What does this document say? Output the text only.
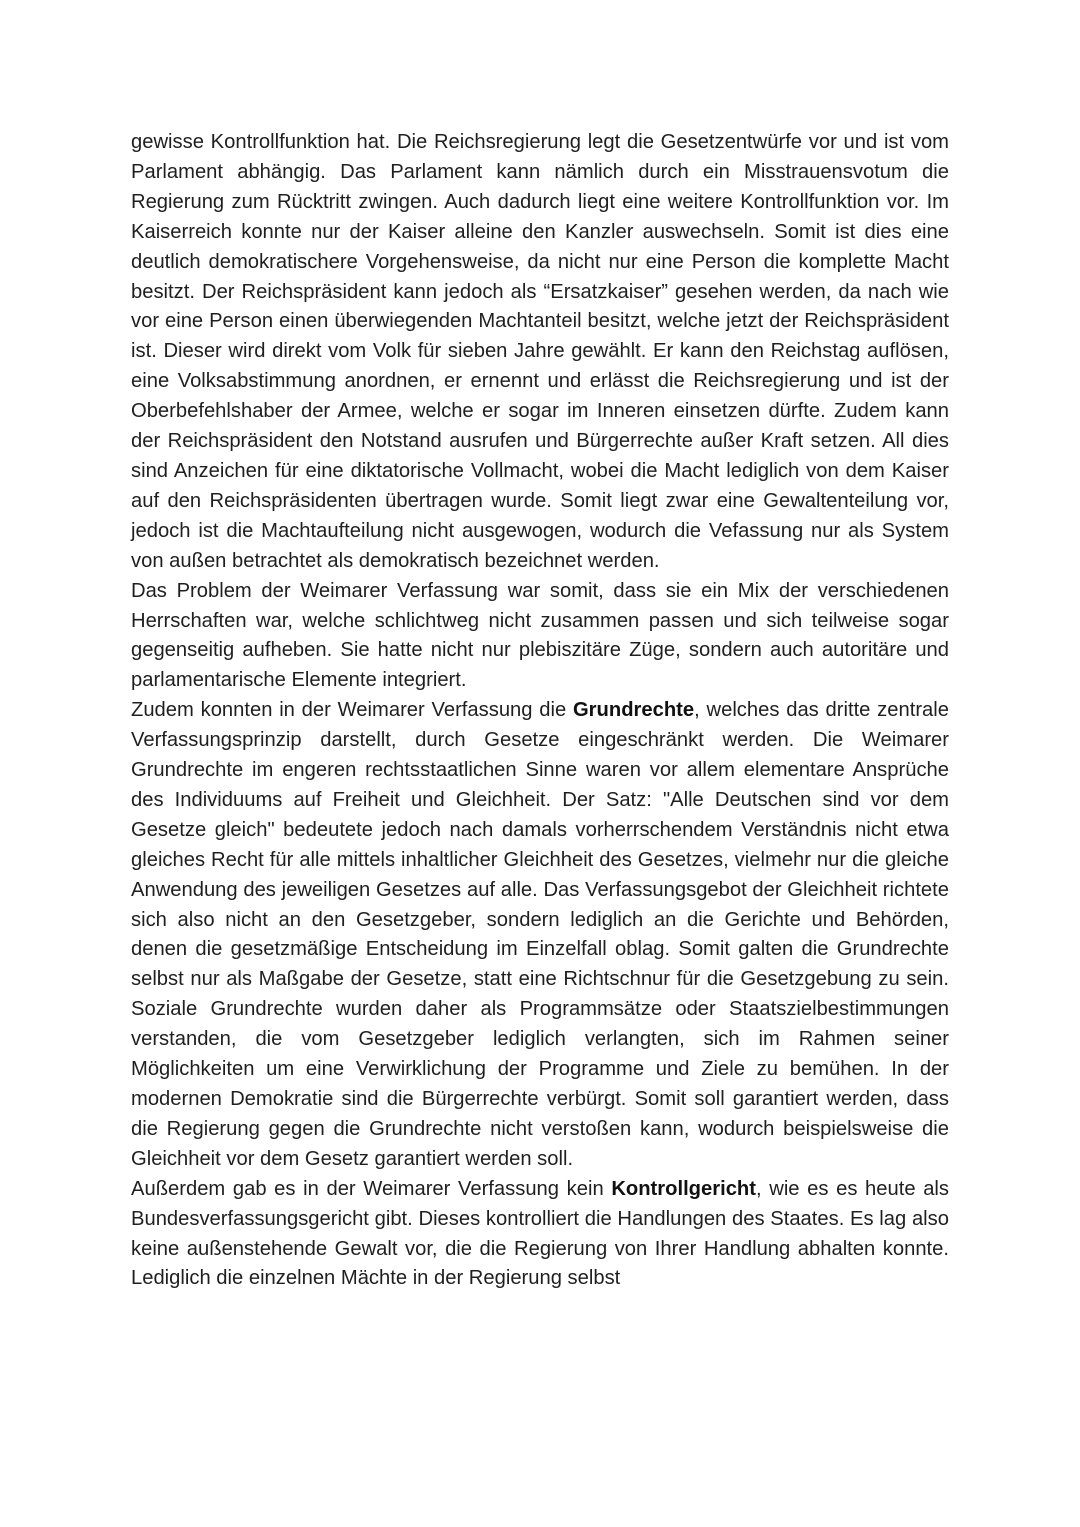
gewisse Kontrollfunktion hat. Die Reichsregierung legt die Gesetzentwürfe vor und ist vom Parlament abhängig. Das Parlament kann nämlich durch ein Misstrauensvotum die Regierung zum Rücktritt zwingen. Auch dadurch liegt eine weitere Kontrollfunktion vor. Im Kaiserreich konnte nur der Kaiser alleine den Kanzler auswechseln. Somit ist dies eine deutlich demokratischere Vorgehensweise, da nicht nur eine Person die komplette Macht besitzt. Der Reichspräsident kann jedoch als “Ersatzkaiser” gesehen werden, da nach wie vor eine Person einen überwiegenden Machtanteil besitzt, welche jetzt der Reichspräsident ist. Dieser wird direkt vom Volk für sieben Jahre gewählt. Er kann den Reichstag auflösen, eine Volksabstimmung anordnen, er ernennt und erlässt die Reichsregierung und ist der Oberbefehlshaber der Armee, welche er sogar im Inneren einsetzen dürfte. Zudem kann der Reichspräsident den Notstand ausrufen und Bürgerrechte außer Kraft setzen. All dies sind Anzeichen für eine diktatorische Vollmacht, wobei die Macht lediglich von dem Kaiser auf den Reichspräsidenten übertragen wurde. Somit liegt zwar eine Gewaltenteilung vor, jedoch ist die Machtaufteilung nicht ausgewogen, wodurch die Vefassung nur als System von außen betrachtet als demokratisch bezeichnet werden.

Das Problem der Weimarer Verfassung war somit, dass sie ein Mix der verschiedenen Herrschaften war, welche schlichtweg nicht zusammen passen und sich teilweise sogar gegenseitig aufheben. Sie hatte nicht nur plebiszitäre Züge, sondern auch autoritäre und parlamentarische Elemente integriert.

Zudem konnten in der Weimarer Verfassung die Grundrechte, welches das dritte zentrale Verfassungsprinzip darstellt, durch Gesetze eingeschränkt werden. Die Weimarer Grundrechte im engeren rechtsstaatlichen Sinne waren vor allem elementare Ansprüche des Individuums auf Freiheit und Gleichheit. Der Satz: "Alle Deutschen sind vor dem Gesetze gleich" bedeutete jedoch nach damals vorherrschendem Verständnis nicht etwa gleiches Recht für alle mittels inhaltlicher Gleichheit des Gesetzes, vielmehr nur die gleiche Anwendung des jeweiligen Gesetzes auf alle. Das Verfassungsgebot der Gleichheit richtete sich also nicht an den Gesetzgeber, sondern lediglich an die Gerichte und Behörden, denen die gesetzmäßige Entscheidung im Einzelfall oblag. Somit galten die Grundrechte selbst nur als Maßgabe der Gesetze, statt eine Richtschnur für die Gesetzgebung zu sein. Soziale Grundrechte wurden daher als Programmsätze oder Staatszielbestimmungen verstanden, die vom Gesetzgeber lediglich verlangten, sich im Rahmen seiner Möglichkeiten um eine Verwirklichung der Programme und Ziele zu bemühen. In der modernen Demokratie sind die Bürgerrechte verbürgt. Somit soll garantiert werden, dass die Regierung gegen die Grundrechte nicht verstoßen kann, wodurch beispielsweise die Gleichheit vor dem Gesetz garantiert werden soll.

Außerdem gab es in der Weimarer Verfassung kein Kontrollgericht, wie es es heute als Bundesverfassungsgericht gibt. Dieses kontrolliert die Handlungen des Staates. Es lag also keine außenstehende Gewalt vor, die die Regierung von Ihrer Handlung abhalten konnte. Lediglich die einzelnen Mächte in der Regierung selbst
